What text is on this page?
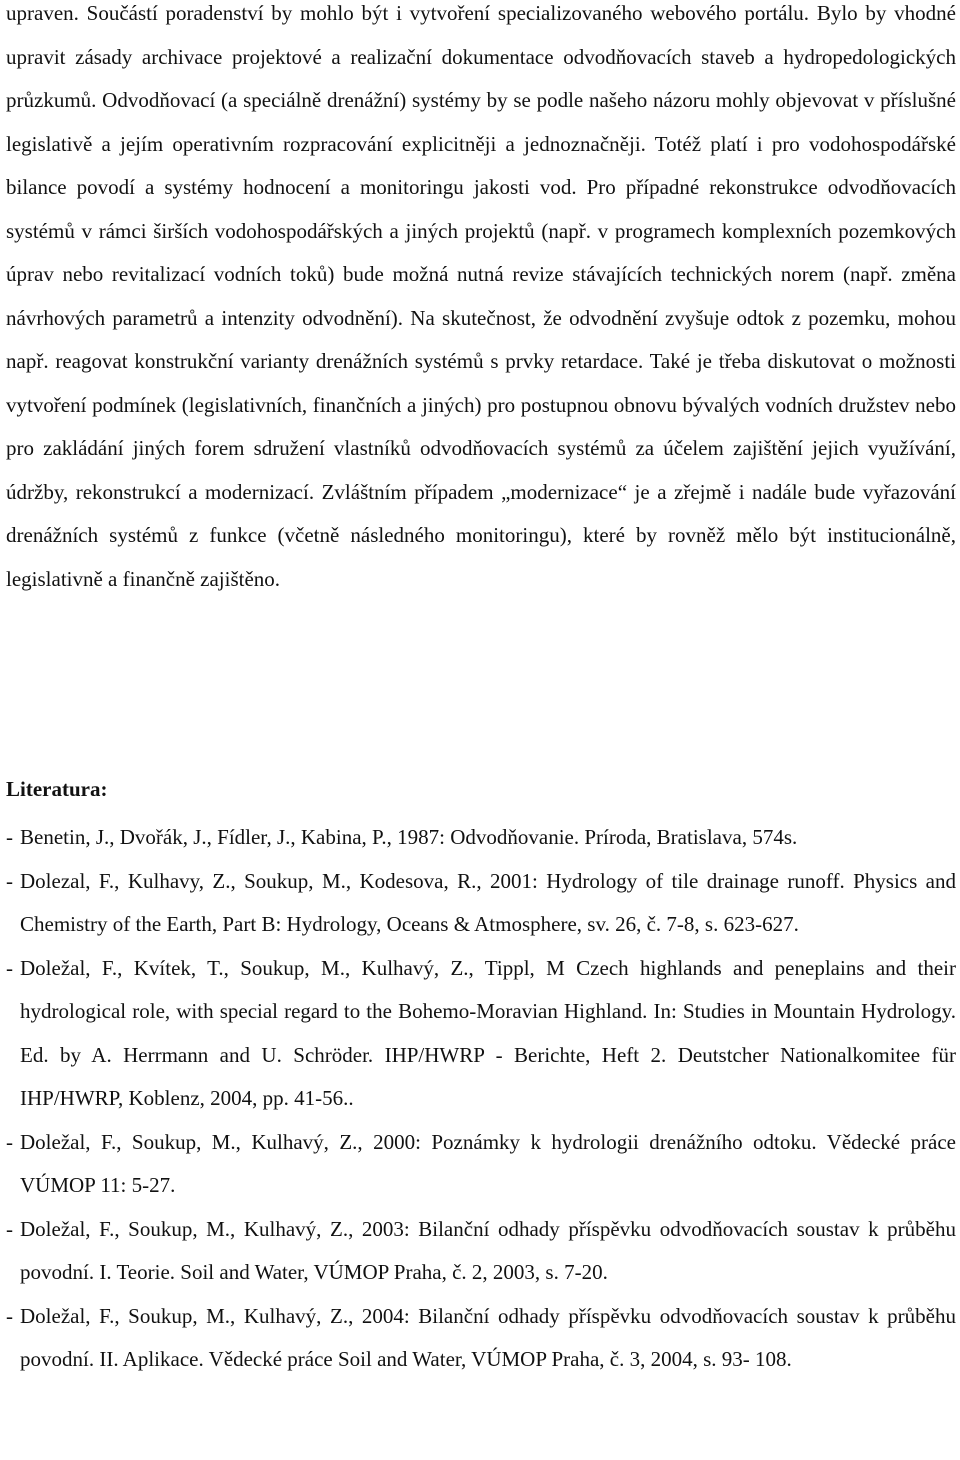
upraven. Součástí poradenství by mohlo být i vytvoření specializovaného webového portálu. Bylo by vhodné upravit zásady archivace projektové a realizační dokumentace odvodňovacích staveb a hydropedologických průzkumů. Odvodňovací (a speciálně drenážní) systémy by se podle našeho názoru mohly objevovat v příslušné legislativě a jejím operativním rozpracování explicitněji a jednoznačněji. Totéž platí i pro vodohospodářské bilance povodí a systémy hodnocení a monitoringu jakosti vod. Pro případné rekonstrukce odvodňovacích systémů v rámci širších vodohospodářských a jiných projektů (např. v programech komplexních pozemkových úprav nebo revitalizací vodních toků) bude možná nutná revize stávajících technických norem (např. změna návrhových parametrů a intenzity odvodnění). Na skutečnost, že odvodnění zvyšuje odtok z pozemku, mohou např. reagovat konstrukční varianty drenážních systémů s prvky retardace. Také je třeba diskutovat o možnosti vytvoření podmínek (legislativních, finančních a jiných) pro postupnou obnovu bývalých vodních družstev nebo pro zakládání jiných forem sdružení vlastníků odvodňovacích systémů za účelem zajištění jejich využívání, údržby, rekonstrukcí a modernizací. Zvláštním případem „modernizace“ je a zřejmě i nadále bude vyřazování drenážních systémů z funkce (včetně následného monitoringu), které by rovněž mělo být institucionálně, legislativně a finančně zajištěno.

Literatura:
- Benetin, J., Dvořák, J., Fídler, J., Kabina, P., 1987: Odvodňovanie. Príroda, Bratislava, 574s.
- Dolezal, F., Kulhavy, Z., Soukup, M., Kodesova, R., 2001: Hydrology of tile drainage runoff. Physics and Chemistry of the Earth, Part B: Hydrology, Oceans & Atmosphere, sv. 26, č. 7-8, s. 623-627.
- Doležal, F., Kvítek, T., Soukup, M., Kulhavý, Z., Tippl, M Czech highlands and peneplains and their hydrological role, with special regard to the Bohemo-Moravian Highland. In: Studies in Mountain Hydrology. Ed. by A. Herrmann and U. Schröder. IHP/HWRP - Berichte, Heft 2. Deutstcher Nationalkomitee für IHP/HWRP, Koblenz, 2004, pp. 41-56..
- Doležal, F., Soukup, M., Kulhavý, Z., 2000: Poznámky k hydrologii drenážního odtoku. Vědecké práce VÚMOP 11: 5-27.
- Doležal, F., Soukup, M., Kulhavý, Z., 2003: Bilanční odhady příspěvku odvodňovacích soustav k průběhu povodní. I. Teorie. Soil and Water, VÚMOP Praha, č. 2, 2003, s. 7-20.
- Doležal, F., Soukup, M., Kulhavý, Z., 2004: Bilanční odhady příspěvku odvodňovacích soustav k průběhu povodní. II. Aplikace. Vědecké práce Soil and Water, VÚMOP Praha, č. 3, 2004, s. 93- 108.
